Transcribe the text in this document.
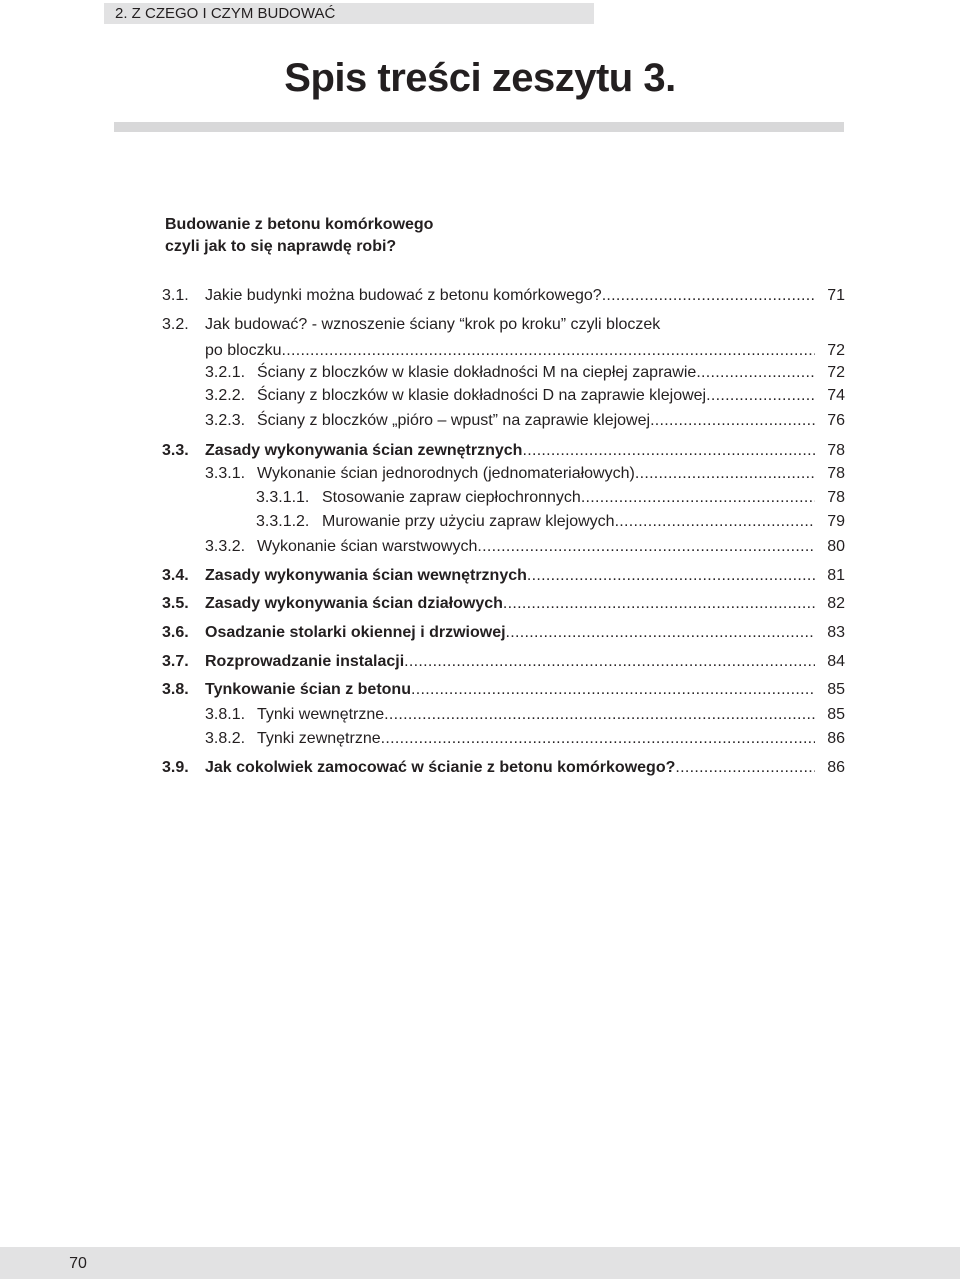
2. Z CZEGO I CZYM BUDOWAĆ
Spis treści zeszytu 3.
Budowanie z betonu komórkowego
czyli jak to się naprawdę robi?
3.1.	Jakie budynki można budować z betonu komórkowego? .....	71
3.2.	Jak budować? - wznoszenie ściany “krok po kroku” czyli bloczek
po bloczku .....	72
3.2.1. Ściany z bloczków w klasie dokładności M na ciepłej zaprawie .....	72
3.2.2. Ściany z bloczków w klasie dokładności D na zaprawie klejowej .....	74
3.2.3. Ściany z bloczków „pióro – wpust” na zaprawie klejowej .....	76
3.3.	Zasady wykonywania ścian zewnętrznych .....	78
3.3.1. Wykonanie ścian jednorodnych (jednomateriałowych) .....	78
3.3.1.1. Stosowanie zapraw ciepłochronnych .....	78
3.3.1.2. Murowanie przy użyciu zapraw klejowych .....	79
3.3.2. Wykonanie ścian warstwowych .....	80
3.4.	Zasady wykonywania ścian wewnętrznych .....	81
3.5.	Zasady wykonywania ścian działowych .....	82
3.6.	Osadzanie stolarki okiennej i drzwiowej .....	83
3.7.	Rozprowadzanie instalacji .....	84
3.8.	Tynkowanie ścian z betonu .....	85
3.8.1. Tynki wewnętrzne .....	85
3.8.2. Tynki zewnętrzne .....	86
3.9.	Jak cokolwiek zamocować w ścianie z betonu komórkowego? .....	86
70
